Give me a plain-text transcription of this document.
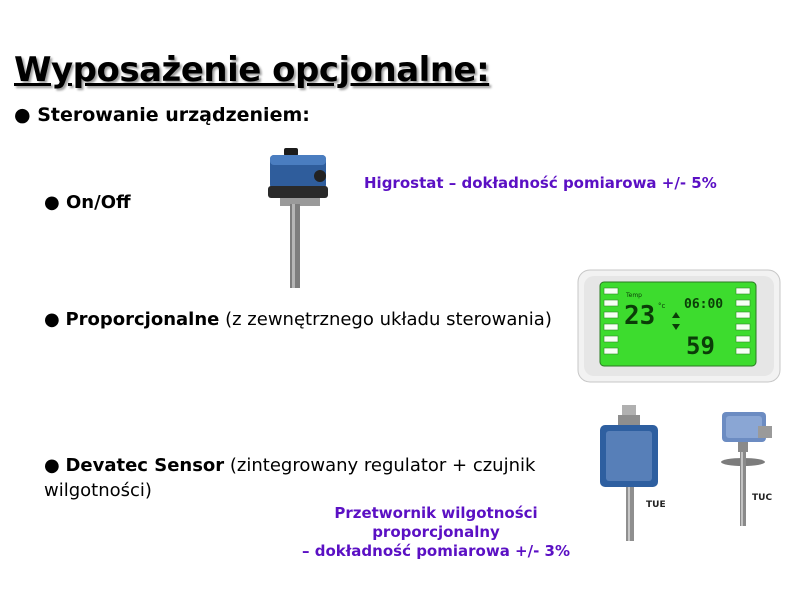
Wyposażenie opcjonalne:
● Sterowanie urządzeniem:
● On/Off
● Proporcjonalne (z zewnętrznego układu sterowania)
● Devatec Sensor (zintegrowany regulator + czujnik wilgotności)
Higrostat – dokładność pomiarowa +/- 5%
Przetwornik wilgotności proporcjonalny
– dokładność pomiarowa +/- 3%
Temp
23 °c 06:00
59
TUE
TUC
